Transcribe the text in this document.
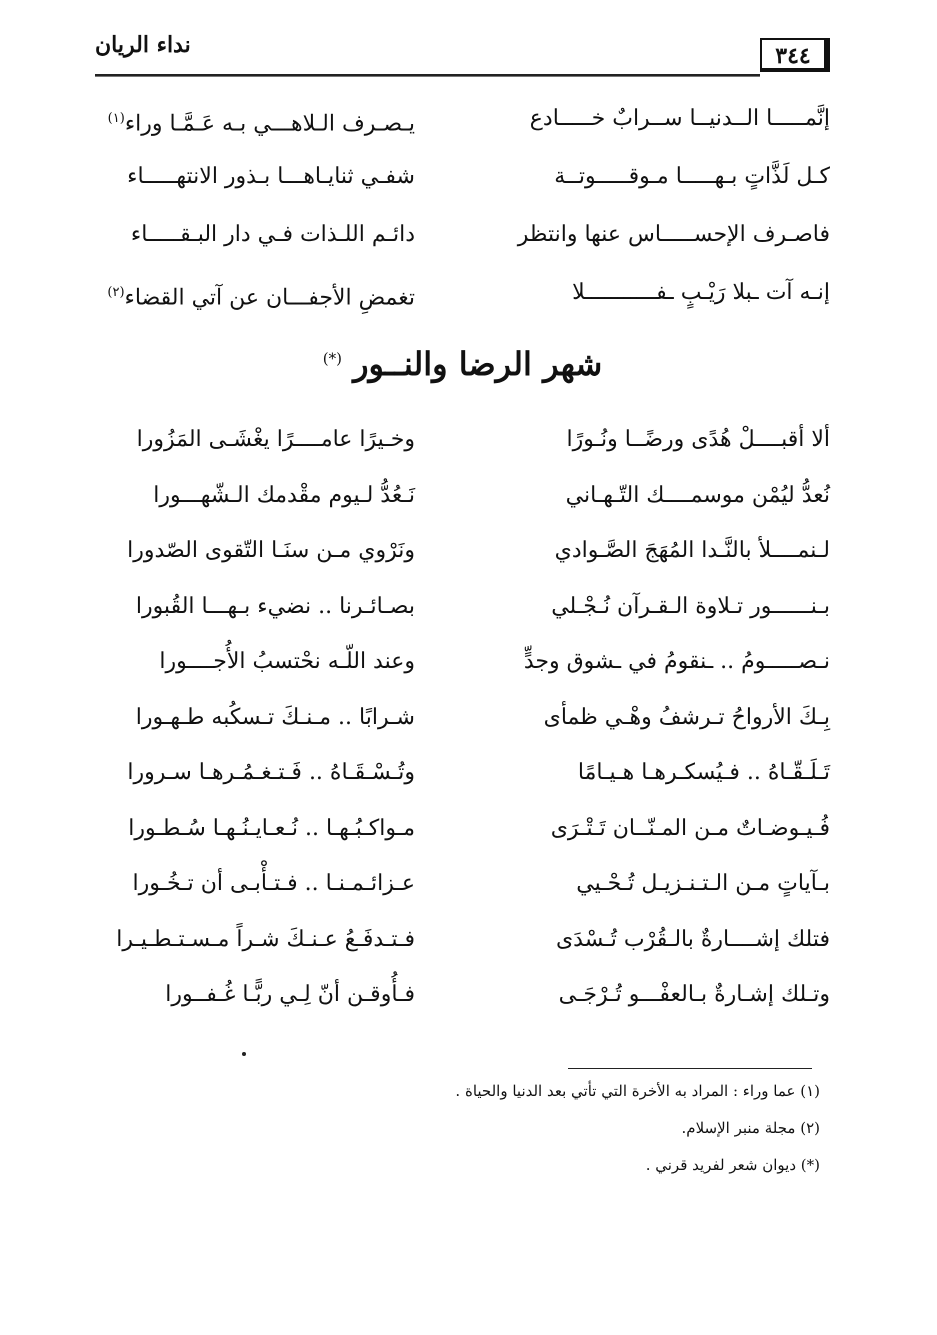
نداء الريان	٣٤٤
إنَّمـــــا الــدنيــا ســرابٌ خـــــادع
يـصـرف الـلاهـــي بـه عَـمَّـا وراء$^{(١)}$
كـل لَذَّاتٍ بـهـــــا مـوقـــــوتــة
شفـي ثنايـاهـــا بـذور الانتهـــــاء
فاصـرف الإحســـــاس عنها وانتظر
دائـم اللـذات فـي دار البـقـــــاء
إنـه آت ـبلا رَيْـبٍ ـفـــــــــــلا
تغمضِ الأجفـــان عن آتي القضاء$^{(٢)}$
شهر الرضا والنــور (*)
ألا أقبــــلْ هُدًى ورضًــا ونُـورًا
وخـيرًا عامــــرًا يغْشَـى المَزُورا
نُعدُّ ليُمْن موسمــــك التّـهـاني
نَـعُدُّ لـيوم مقْدمك الـشّهـــورا
لـنمــــلأ بالنَّـدا المُهَجَ الصَّـوادي
ونَرْوي مـن سنَـا التّقوى الصّدورا
بـنــــــور تـلاوة الـقـرآن نُـجْـلي
بصـائـرنا .. نضيء بـهـــا القُبورا
نـصـــــومُ .. ـنقومُ في ـشوق وجدٍّ
وعند اللّـه نحْتسبُ الأُجــــورا
بِـكَ الأرواحُ تـرشفُ وهْـي ظمأى
شـرابًا .. مـنـكَ تـسكُبه طـهـورا
تَـلَـقّـاهُ .. فـيُسكـرهـا هـيـامًا
وتُـسْـقَـاهُ .. فَـتـغـمُـرهـا سـرورا
فُـيـوضـاتٌ مـن المـنّــان تَـتْـرَى
مـواكـبُـهـا .. نُـعـايـنُـهـا سُـطـورا
بـآياتٍ مـن الـتـنـزيـل تُـحْـيي
عـزائـمـنـا .. فـتـأْبـى أن تـخُـورا
فتلك إشــــارةٌ بالـقُرْب تُـسْدَى
فـتـدفَـعُ عـنـكَ شـراً مـسـتـطـيـرا
وتـلك إشـارةٌ بـالعفْـــو تُـرْجَـى
فـأُوقـن أنّ لِـي ربًّـا غُـفــورا
(١) عما وراء : المراد به الأخرة التي تأتي بعد الدنيا والحياة .
(٢) مجلة منبر الإسلام.
(*) ديوان شعر لفريد قرني .
